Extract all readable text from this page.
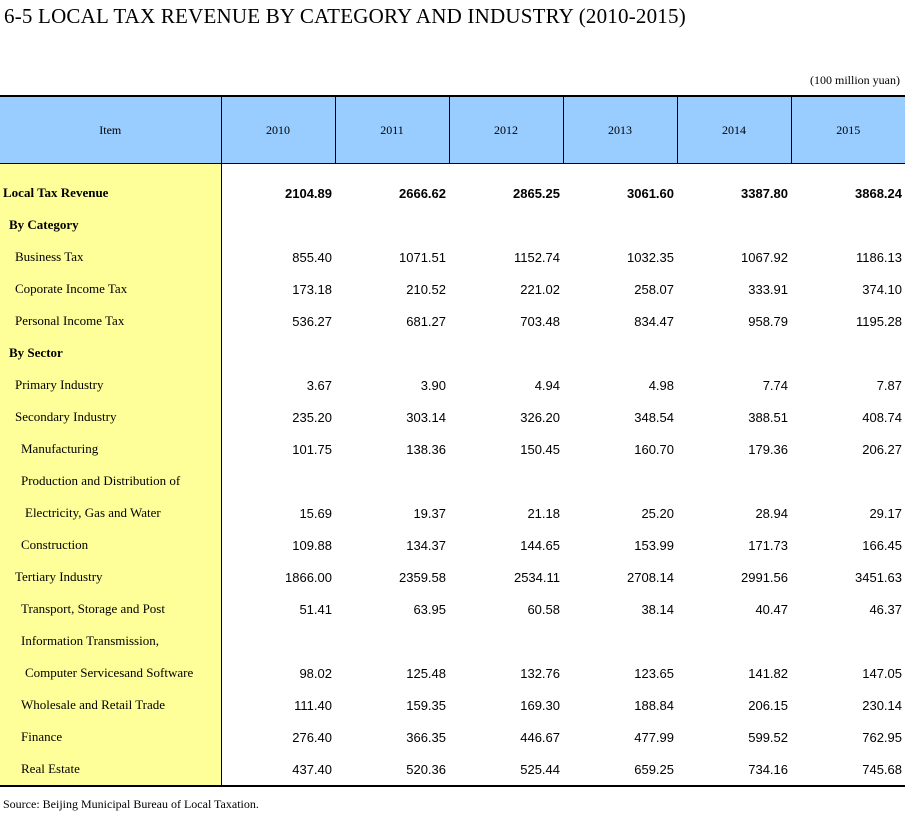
6-5 LOCAL TAX REVENUE BY CATEGORY AND INDUSTRY (2010-2015)
(100 million yuan)
Item	2010	2011	2012	2013	2014	2015
Local Tax Revenue	2104.89	2666.62	2865.25	3061.60	3387.80	3868.24
By Category						
Business Tax	855.40	1071.51	1152.74	1032.35	1067.92	1186.13
Coporate Income Tax	173.18	210.52	221.02	258.07	333.91	374.10
Personal Income Tax	536.27	681.27	703.48	834.47	958.79	1195.28
By Sector						
Primary Industry	3.67	3.90	4.94	4.98	7.74	7.87
Secondary Industry	235.20	303.14	326.20	348.54	388.51	408.74
Manufacturing	101.75	138.36	150.45	160.70	179.36	206.27
Production and Distribution of						
Electricity, Gas and Water	15.69	19.37	21.18	25.20	28.94	29.17
Construction	109.88	134.37	144.65	153.99	171.73	166.45
Tertiary Industry	1866.00	2359.58	2534.11	2708.14	2991.56	3451.63
Transport, Storage and Post	51.41	63.95	60.58	38.14	40.47	46.37
Information Transmission,						
Computer Servicesand Software	98.02	125.48	132.76	123.65	141.82	147.05
Wholesale and Retail Trade	111.40	159.35	169.30	188.84	206.15	230.14
Finance	276.40	366.35	446.67	477.99	599.52	762.95
Real Estate	437.40	520.36	525.44	659.25	734.16	745.68
Source: Beijing Municipal Bureau of Local Taxation.
